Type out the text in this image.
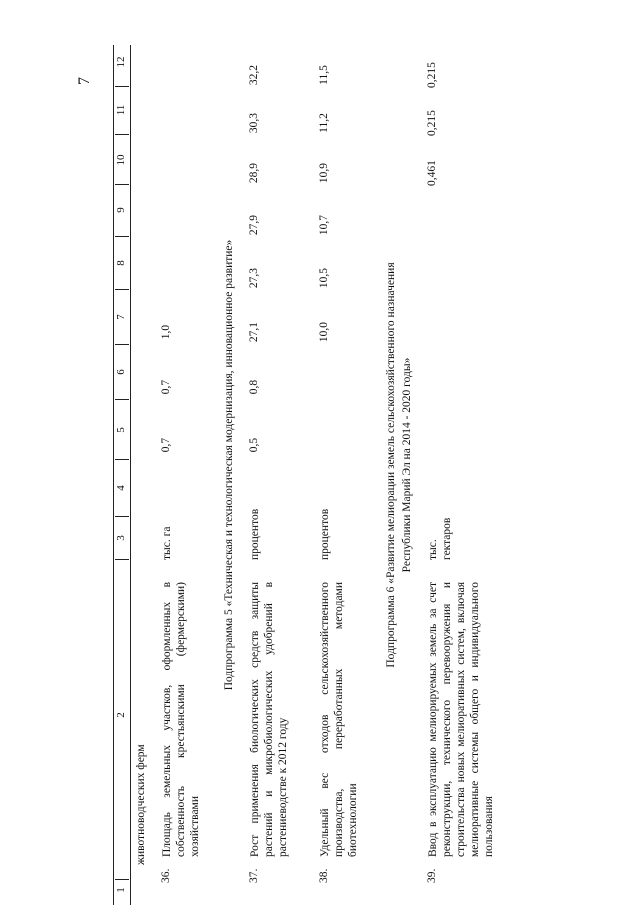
7
1
2
3
4
5
6
7
8
9
10
11
12
животноводческих ферм
36.
Площадь земельных участков, оформленных в собственность крестьянскими (фермерскими) хозяйствами
тыс. га
0,7
0,7
1,0	Подпрограмма 5 «Техническая и технологическая модернизация, инновационное развитие»
37.
Рост применения биологических средств защиты растений и микробиологических удобрений в растениеводстве к 2012 году
процентов
0,5
0,8
27,1
27,3
27,9
28,9
30,3
32,2
38.
Удельный вес отходов сельскохозяйственного производства, переработанных методами биотехнологии
процентов
10,0
10,5
10,7
10,9
11,2
11,5
Подпрограмма 6 «Развитие мелиорации земель сельскохозяйственного назначения Республики Марий Эл на 2014 - 2020 годы»
39.
Ввод в эксплуатацию мелиорируемых земель за счет реконструкции, технического перевооружения и строительства новых мелиоративных систем, включая мелиоративные системы общего и индивидуального пользования
тыс. гектаров
0,461
0,215
0,215
